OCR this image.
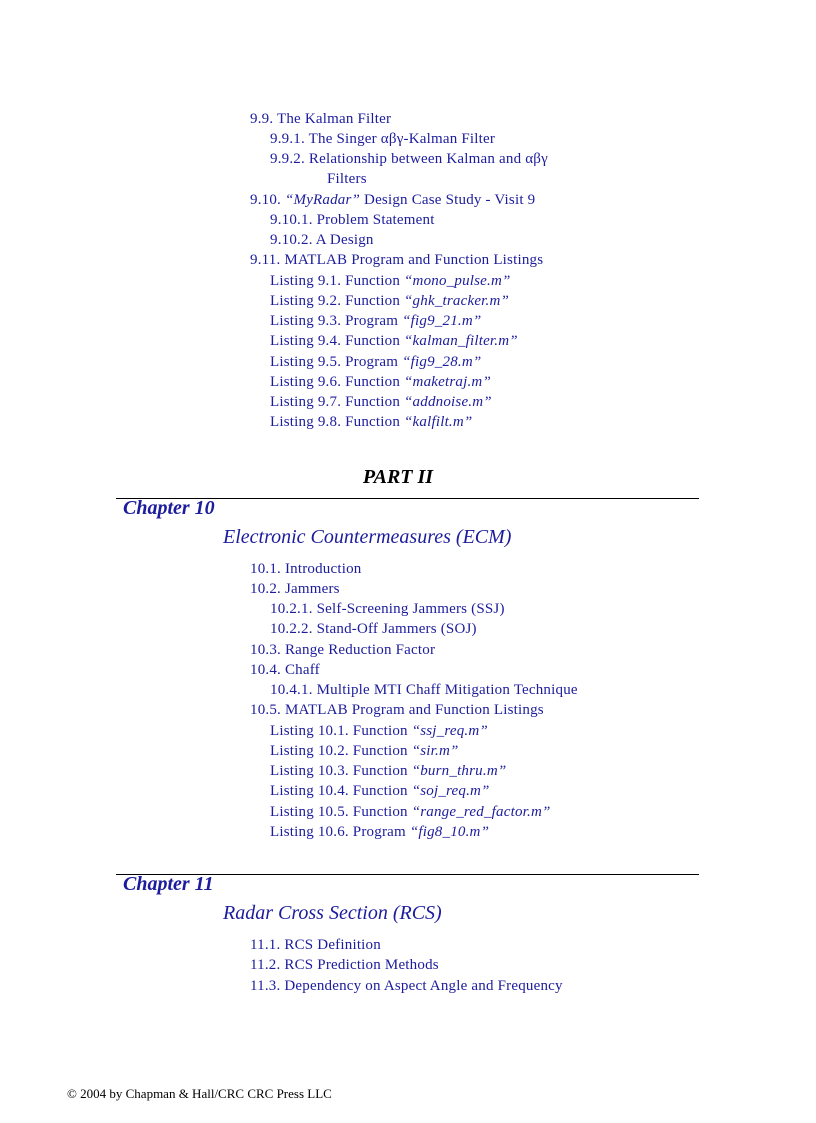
9.9. The Kalman Filter
9.9.1. The Singer αβγ-Kalman Filter
9.9.2. Relationship between Kalman and αβγ
Filters
9.10. “MyRadar” Design Case Study - Visit 9
9.10.1. Problem Statement
9.10.2. A Design
9.11. MATLAB Program and Function Listings
Listing 9.1. Function “mono_pulse.m”
Listing 9.2. Function “ghk_tracker.m”
Listing 9.3. Program “fig9_21.m”
Listing 9.4. Function “kalman_filter.m”
Listing 9.5. Program “fig9_28.m”
Listing 9.6. Function “maketraj.m”
Listing 9.7. Function “addnoise.m”
Listing 9.8. Function “kalfilt.m”
PART II
Chapter 10
Electronic Countermeasures (ECM)
10.1. Introduction
10.2. Jammers
10.2.1. Self-Screening Jammers (SSJ)
10.2.2. Stand-Off Jammers (SOJ)
10.3. Range Reduction Factor
10.4. Chaff
10.4.1. Multiple MTI Chaff Mitigation Technique
10.5. MATLAB Program and Function Listings
Listing 10.1. Function “ssj_req.m”
Listing 10.2. Function “sir.m”
Listing 10.3. Function “burn_thru.m”
Listing 10.4. Function “soj_req.m”
Listing 10.5. Function “range_red_factor.m”
Listing 10.6. Program “fig8_10.m”
Chapter 11
Radar Cross Section (RCS)
11.1. RCS Definition
11.2. RCS Prediction Methods
11.3. Dependency on Aspect Angle and Frequency
© 2004 by Chapman & Hall/CRC CRC Press LLC
